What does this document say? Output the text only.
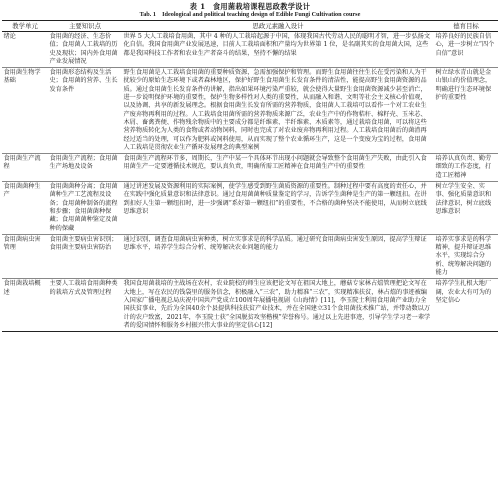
表 1　食用菌栽培课程思政教学设计
Tab. 1　Ideological and political teaching design of Edible Fungi Cultivation course
教学单元	主要知识点	思政元素融入设计	德育目标
绪论	食用菌的经济、生态价值；食用菌人工栽培的历史及现状；国内外食用菌产业发展情况	世界 5 大人工栽培食用菌，其中 4 种的人工栽培起源于中国，体现我国古代劳动人民的聪明才智，进一步弘扬文化自信。我国食用菌产业发展迅速，目前人工栽培面积和产量均为世界第 1 位，是名副其实的食用菌大国，这些都是我国科技工作者和农业生产者奋斗的结果，坚持不懈的结果	培养良好的民族自信心，进一步树立“四个自信”意识
食用菌生物学基础	食用菌形态结构及生活史；食用菌的营养、生长发育条件	野生食用菌是人工栽培食用菌的重要种质资源，急需加强保护和管理。而野生食用菌往往生长在受污染和人为干扰较少的原始生态环境下或者森林地区，保护好野生食用菌生长发育条件的清洁性，能提高野生食用菌资源的品质。通过食用菌生长发育条件的讲解，指出如果环境污染严重较，就会使得大量野生食用菌资源减少甚至消亡，进一步说明保护环境的重要性，保护生物多样性对人类的重要性，从而融入和谐、文明等社会主义核心价值观，以及协调、共享的新发展理念。根据食用菌生长发育所需的营养物质，食用菌人工栽培可以看作一个对工农业生产废弃物再利用的过程。人工栽培食用菌所需的营养物质来源广泛，农业生产中的作物秸秆、棉籽壳、玉米芯、木屑、畜禽粪便、作物残余物质中的主要成分都是纤维素、半纤维素、木质素等，通过栽培食用菌，可以将这些营养物质转化为人类的食物或者动物饲料，同时也完成了对农业废弃物再利用过程。人工栽培食用菌后的菌渣再经过适当的处理，可以作为肥料或饲料使用，从而实现了整个农业循环生产，这是一个变废为宝的过程，食用菌人工栽培是贯彻农业生产循环发展理念的典型案例	树立绿水青山就是金山银山的价值理念，明确进行生态环境保护的重要性
食用菌生产流程	食用菌生产流程；食用菌生产场地及设备	食用菌生产流程环节多，周期长，生产中某一个具体环节出现小问题就会导致整个食用菌生产失败，由此引入食用菌生产一定要遵循技术规范，要认真负责，明确所需工匠精神在食用菌生产中的重要性	培养认真负责、勤劳细致的工作态度，打造工匠精神
食用菌菌种生产	食用菌菌种分离；食用菌菌种生产工艺流程及设备；食用菌种制备的流程和步骤；食用菌菌种保藏；食用菌菌种鉴定及菌种的保藏	通过讲述发展及资源利用的实际案例，使学生感受到野生菌质资源的重要性。制种过程中要有高度的责任心，并在实践中强化质量意识和法律意识。通过食用菌菌种质量鉴定的学习，告诉学生菌种是生产的第一颗纽扣。在讲到扣好人生第一颗纽扣时，进一步强调“系好第一颗纽扣”的重要性，不合格的菌种坚决不能使用，从而树立底线思维意识	树立学生安全、实事、强化质量意识和法律意识，树立底线思维意识
食用菌病虫害管理	食用菌主要病虫害识别；食用菌主要病虫害防治	通过识别，调查食用菌病虫害种类，树立实事求是的科学品质。通过研究食用菌病虫害发生原因，提高学生辩证思维水平，培养学生综合分析、统筹解决农业问题的能力	培养实事求是的科学精神，提升辩证思维水平，实现综合分析、统筹解决问题的能力
食用菌栽培概述	主要人工栽培食用菌种类的栽培方式及管理过程	我国食用菌栽培的主战场在农村，农业院校的师生应该把论文写在祖国大地上，蘑菇专家林占熺管理把论文写在大地上，写在农民的钱袋里的服务信念，积极融入“三农”，助力精准“三农”，实现精准扶贫，林占熺的事迹被编入国家广播电视总局庆祝中国共产党成立100周年展播电视剧《山海情》[11]，李玉院士利用食用菌产业助力全国扶贫事业，先后为全国40余个县提供科技扶贫产业技术，并在全国建立31个食用菌技术推广站，并带动数以万计的农户致富，2021年，李玉院士获“全国脱贫攻坚楷模”荣誉称号。通过以上先进事迹，引导学生学习老一辈学者的爱国情怀和服务乡村振兴伟大事业的坚定信心[12]	培养学生扎根大地厂阔，农业大有可为的坚定信心
